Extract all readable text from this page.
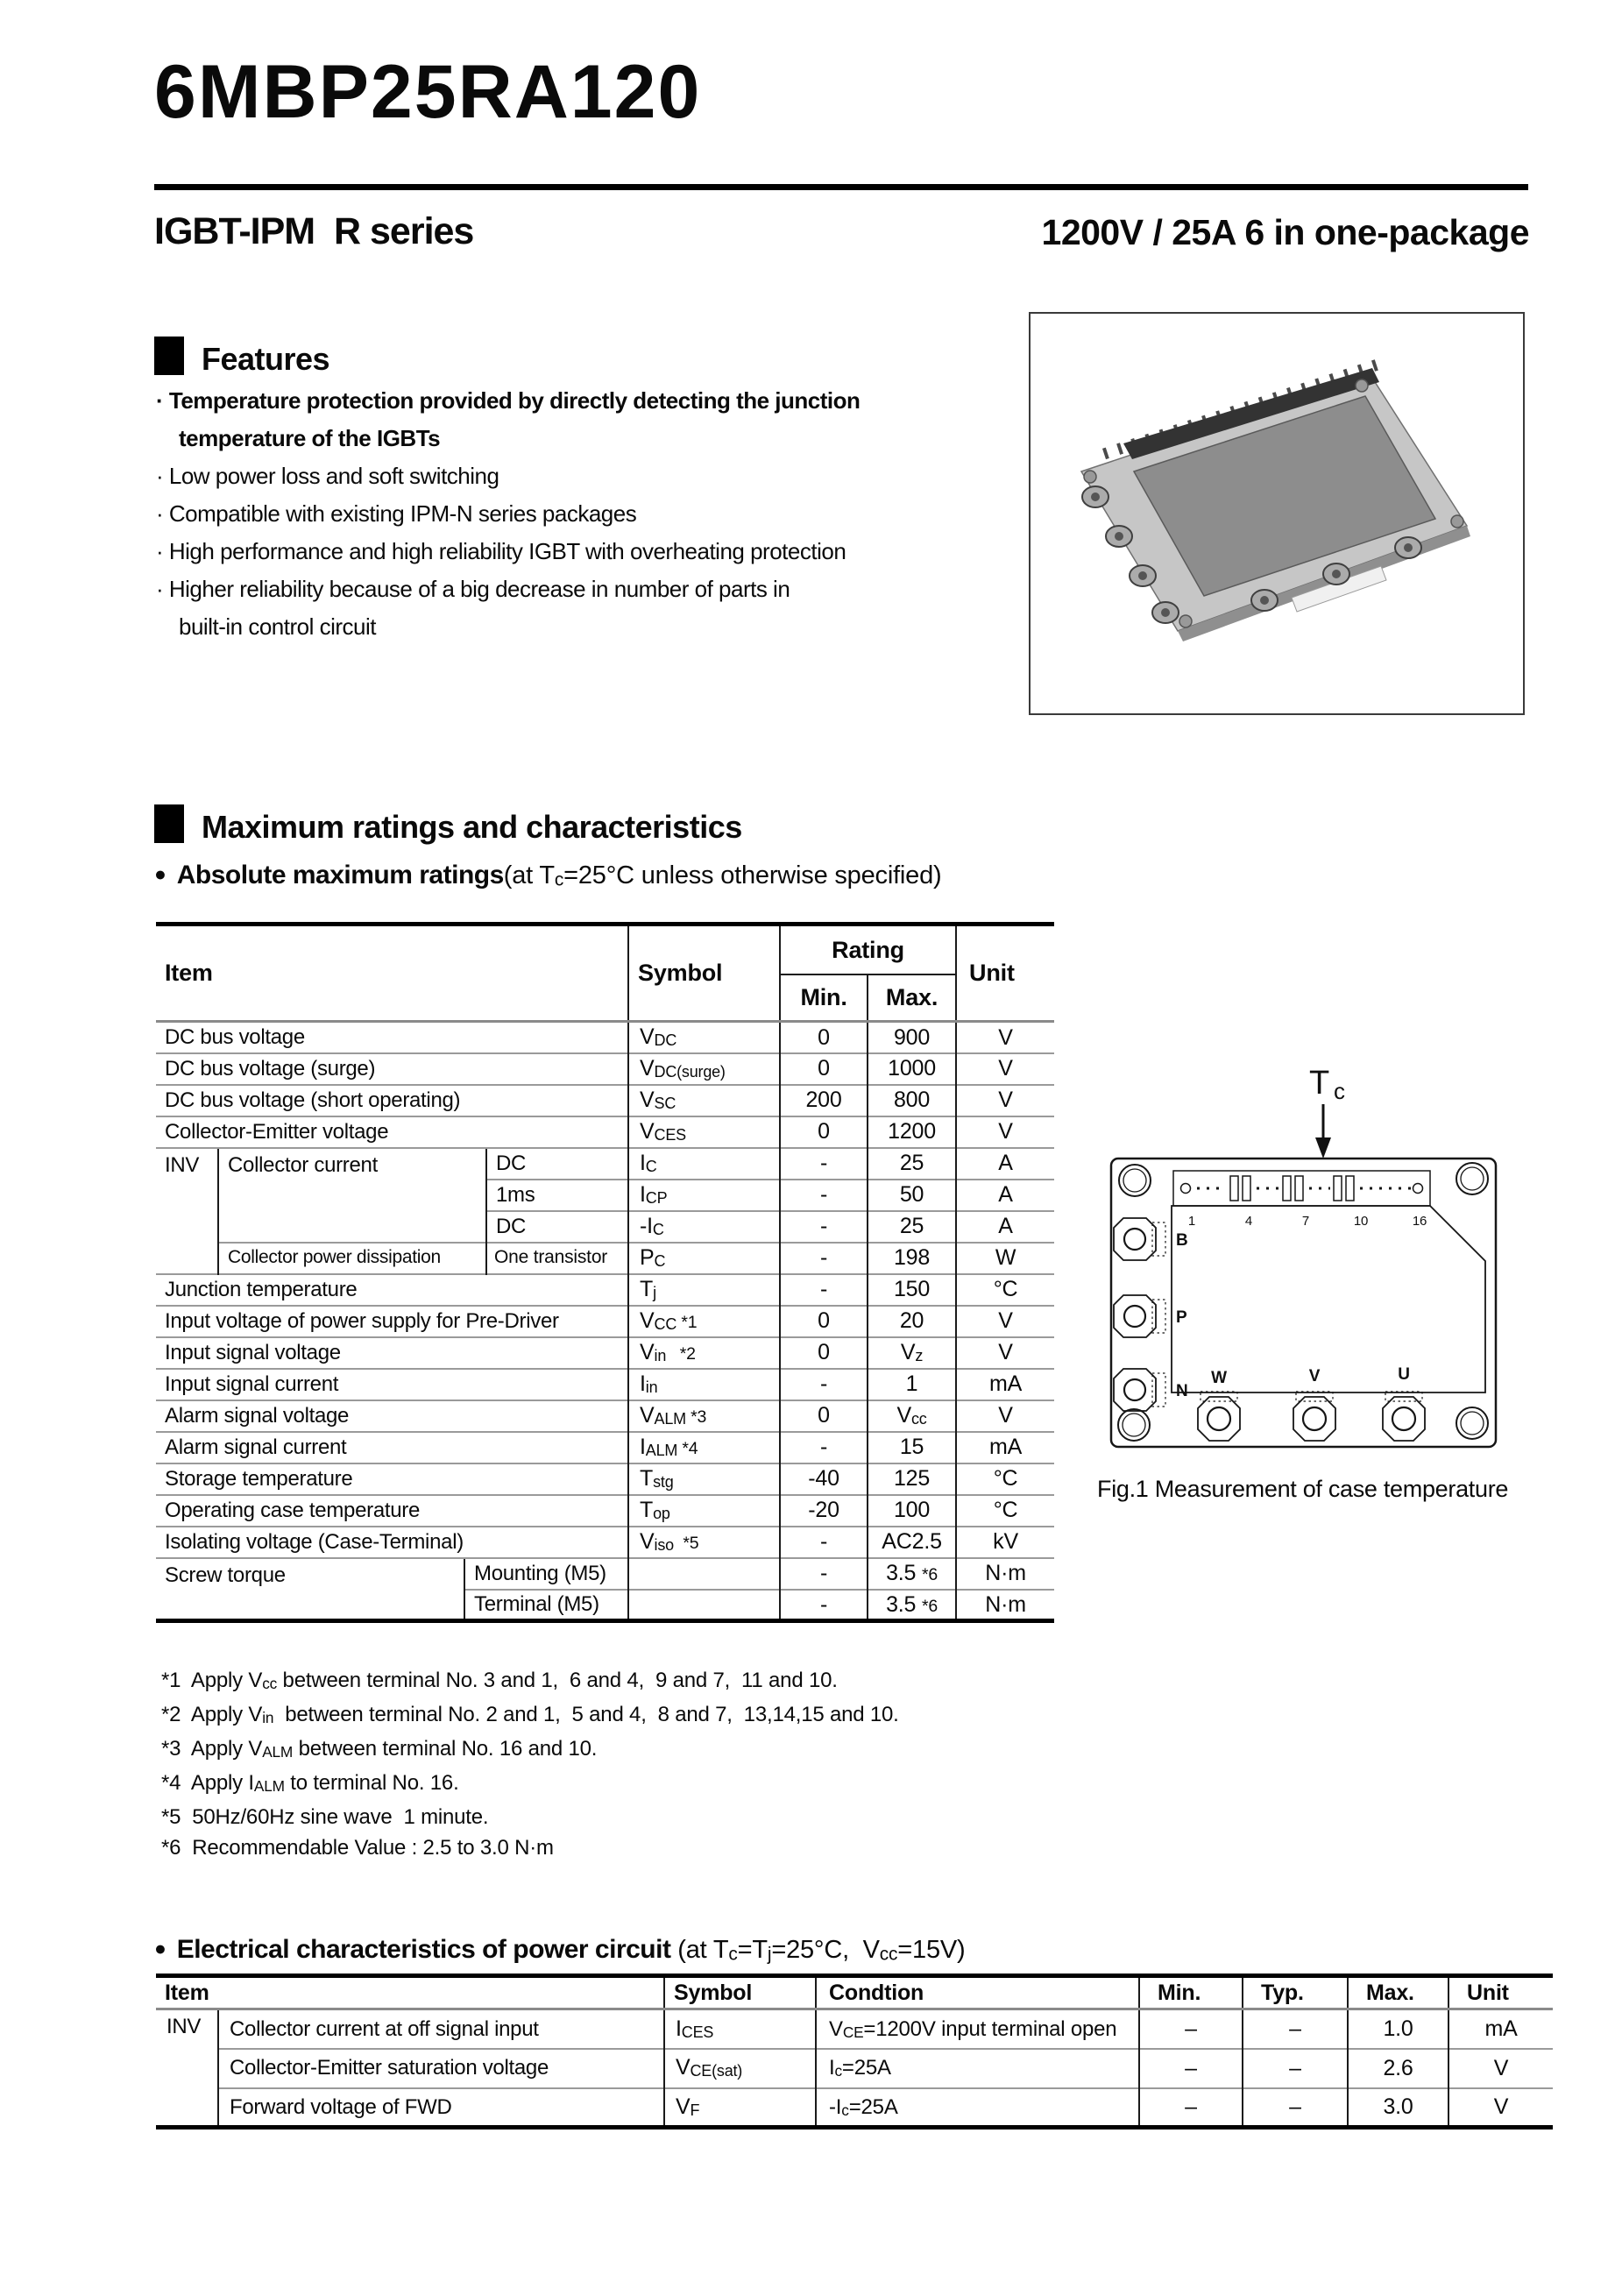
6MBP25RA120
IGBT-IPM  R series	1200V / 25A 6 in one-package
Features
· Temperature protection provided by directly detecting the junction
temperature of the IGBTs
· Low power loss and soft switching
· Compatible with existing IPM-N series packages
· High performance and high reliability IGBT with overheating protection
· Higher reliability because of a big decrease in number of parts in
built-in control circuit
Maximum ratings and characteristics
● Absolute maximum ratings(at Tc=25°C unless otherwise specified)
Item				Symbol	Rating		Unit
					Min.	Max.	
DC bus voltage				VDC	0	900	V
DC bus voltage (surge)				VDC(surge)	0	1000	V
DC bus voltage (short operating)				VSC	200	800	V
Collector-Emitter voltage				VCES	0	1200	V
INV	Collector current		DC	IC	-	25	A
			1ms	ICP	-	50	A
			DC	-IC	-	25	A
	Collector power dissipation		One transistor	PC	-	198	W
Junction temperature				Tj	-	150	°C
Input voltage of power supply for Pre-Driver				VCC *1	0	20	V
Input signal voltage				Vin   *2	0	Vz	V
Input signal current				Iin	-	1	mA
Alarm signal voltage				VALM *3	0	Vcc	V
Alarm signal current				IALM *4	-	15	mA
Storage temperature				Tstg	-40	125	°C
Operating case temperature				Top	-20	100	°C
Isolating voltage (Case-Terminal)				Viso  *5	-	AC2.5	kV
Screw torque		Mounting (M5)			-	3.5 *6	N·m
		Terminal (M5)			-	3.5 *6	N·m
*1  Apply Vcc between terminal No. 3 and 1,  6 and 4,  9 and 7,  11 and 10.
*2  Apply Vin  between terminal No. 2 and 1,  5 and 4,  8 and 7,  13,14,15 and 10.
*3  Apply VALM between terminal No. 16 and 10.
*4  Apply IALM to terminal No. 16.
*5  50Hz/60Hz sine wave  1 minute.
*6  Recommendable Value : 2.5 to 3.0 N·m
T c
1	4	7	10	16
B
P
N
W	V	U
Fig.1 Measurement of case temperature
● Electrical characteristics of power circuit (at Tc=Tj=25°C,  Vcc=15V)
Item		Symbol	Condtion	Min.	Typ.	Max.	Unit
INV	Collector current at off signal input	ICES	VCE=1200V input terminal open	–	–	1.0	mA
	Collector-Emitter saturation voltage	VCE(sat)	Ic=25A	–	–	2.6	V
	Forward voltage of FWD	VF	-Ic=25A	–	–	3.0	V
